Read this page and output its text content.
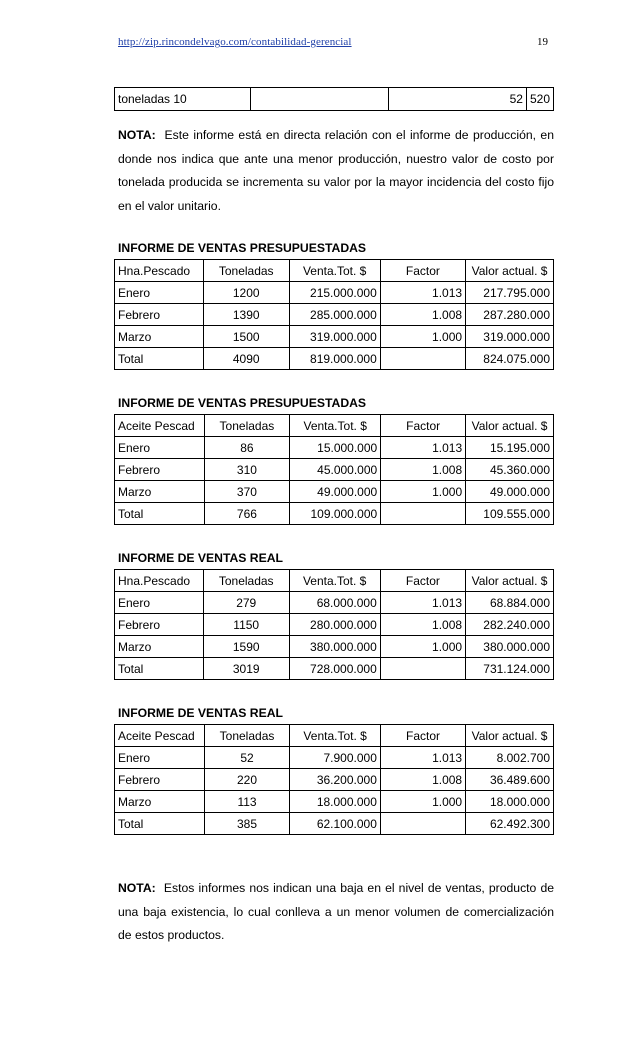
http://zip.rincondelvago.com/contabilidad-gerencial	19
toneladas 10		52	520

NOTA: Este informe está en directa relación con el informe de producción, en donde nos indica que ante una menor producción, nuestro valor de costo por tonelada producida se incrementa su valor por la mayor incidencia del costo fijo en el valor unitario.

INFORME DE VENTAS PRESUPUESTADAS

Hna.Pescado	Toneladas	Venta.Tot. $	Factor	Valor actual. $
Enero	1200	215.000.000	1.013	217.795.000
Febrero	1390	285.000.000	1.008	287.280.000
Marzo	1500	319.000.000	1.000	319.000.000
Total	4090	819.000.000		824.075.000

INFORME DE VENTAS PRESUPUESTADAS

Aceite Pescad	Toneladas	Venta.Tot. $	Factor	Valor actual. $
Enero	86	15.000.000	1.013	15.195.000
Febrero	310	45.000.000	1.008	45.360.000
Marzo	370	49.000.000	1.000	49.000.000
Total	766	109.000.000		109.555.000

INFORME DE VENTAS REAL

Hna.Pescado	Toneladas	Venta.Tot. $	Factor	Valor actual. $
Enero	279	68.000.000	1.013	68.884.000
Febrero	1150	280.000.000	1.008	282.240.000
Marzo	1590	380.000.000	1.000	380.000.000
Total	3019	728.000.000		731.124.000

INFORME DE VENTAS REAL

Aceite Pescad	Toneladas	Venta.Tot. $	Factor	Valor actual. $
Enero	52	7.900.000	1.013	8.002.700
Febrero	220	36.200.000	1.008	36.489.600
Marzo	113	18.000.000	1.000	18.000.000
Total	385	62.100.000		62.492.300

NOTA: Estos informes nos indican una baja en el nivel de ventas, producto de una baja existencia, lo cual conlleva a un menor volumen de comercialización de estos productos.
